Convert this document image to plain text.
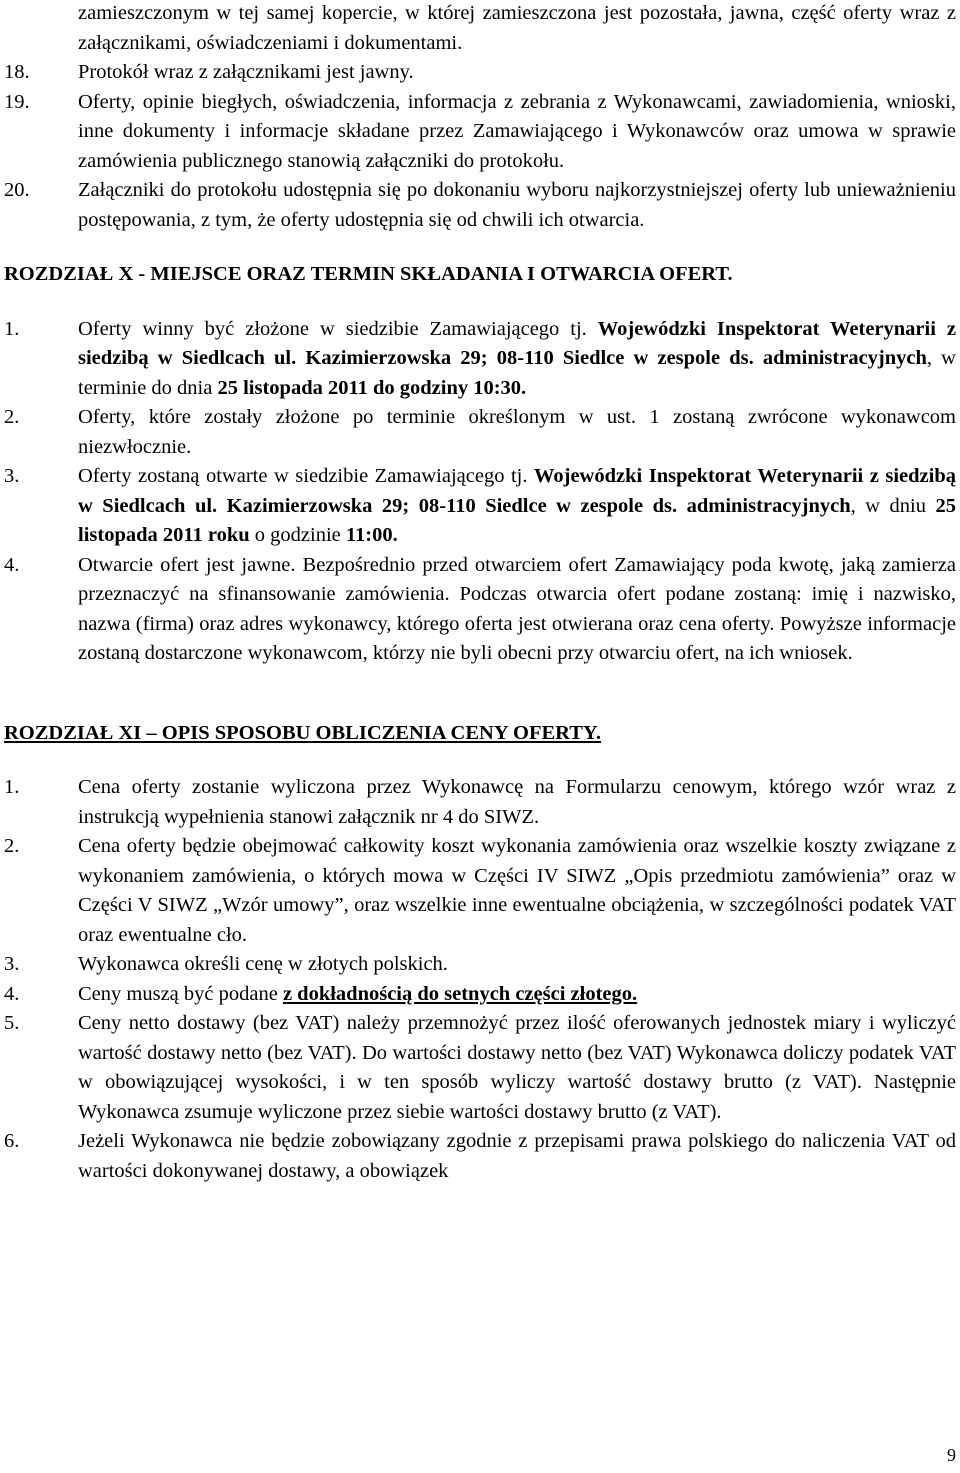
zamieszczonym w tej samej kopercie, w której zamieszczona jest pozostała, jawna, część oferty wraz z załącznikami, oświadczeniami i dokumentami.
18. Protokół wraz z załącznikami jest jawny.
19. Oferty, opinie biegłych, oświadczenia, informacja z zebrania z Wykonawcami, zawiadomienia, wnioski, inne dokumenty i informacje składane przez Zamawiającego i Wykonawców oraz umowa w sprawie zamówienia publicznego stanowią załączniki do protokołu.
20. Załączniki do protokołu udostępnia się po dokonaniu wyboru najkorzystniejszej oferty lub unieważnieniu postępowania, z tym, że oferty udostępnia się od chwili ich otwarcia.
ROZDZIAŁ X - MIEJSCE ORAZ TERMIN SKŁADANIA I OTWARCIA OFERT.
1.	Oferty winny być złożone w siedzibie Zamawiającego tj. Wojewódzki Inspektorat Weterynarii z siedzibą w Siedlcach ul. Kazimierzowska 29; 08-110 Siedlce w zespole ds. administracyjnych, w terminie do dnia 25 listopada 2011 do godziny 10:30.
2.	Oferty, które zostały złożone po terminie określonym w ust. 1 zostaną zwrócone wykonawcom niezwłocznie.
3.	Oferty zostaną otwarte w siedzibie Zamawiającego tj. Wojewódzki Inspektorat Weterynarii z siedzibą w Siedlcach ul. Kazimierzowska 29; 08-110 Siedlce w zespole ds. administracyjnych, w dniu 25 listopada 2011 roku o godzinie 11:00.
4.	Otwarcie ofert jest jawne. Bezpośrednio przed otwarciem ofert Zamawiający poda kwotę, jaką zamierza przeznaczyć na sfinansowanie zamówienia. Podczas otwarcia ofert podane zostaną: imię i nazwisko, nazwa (firma) oraz adres wykonawcy, którego oferta jest otwierana oraz cena oferty. Powyższe informacje zostaną dostarczone wykonawcom, którzy nie byli obecni przy otwarciu ofert, na ich wniosek.
ROZDZIAŁ XI – OPIS SPOSOBU OBLICZENIA CENY OFERTY.
1.	Cena oferty zostanie wyliczona przez Wykonawcę na Formularzu cenowym, którego wzór wraz z instrukcją wypełnienia stanowi załącznik nr 4 do SIWZ.
2.	Cena oferty będzie obejmować całkowity koszt wykonania zamówienia oraz wszelkie koszty związane z wykonaniem zamówienia, o których mowa w Części IV SIWZ „Opis przedmiotu zamówienia” oraz w Części V SIWZ „Wzór umowy”, oraz wszelkie inne ewentualne obciążenia, w szczególności podatek VAT oraz ewentualne cło.
3.	Wykonawca określi cenę w złotych polskich.
4.	Ceny muszą być podane z dokładnością do setnych części złotego.
5.	Ceny netto dostawy (bez VAT) należy przemnożyć przez ilość oferowanych jednostek miary i wyliczyć wartość dostawy netto (bez VAT). Do wartości dostawy netto (bez VAT) Wykonawca doliczy podatek VAT w obowiązującej wysokości, i w ten sposób wyliczy wartość dostawy brutto (z VAT). Następnie Wykonawca zsumuje wyliczone przez siebie wartości dostawy brutto (z VAT).
6.	Jeżeli Wykonawca nie będzie zobowiązany zgodnie z przepisami prawa polskiego do naliczenia VAT od wartości dokonywanej dostawy, a obowiązek
9
